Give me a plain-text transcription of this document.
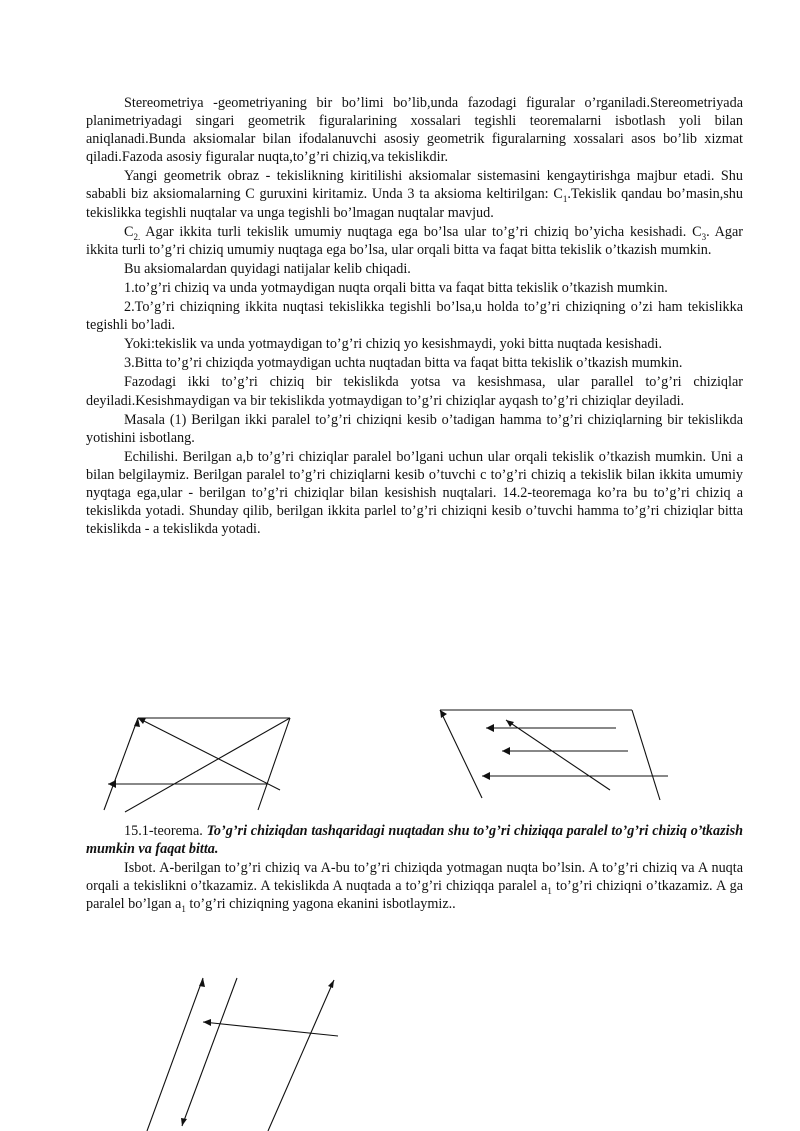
Stereometriya -geometriyaning bir bo’limi bo’lib,unda fazodagi figuralar o’rganiladi.Stereometriyada planimetriyadagi singari geometrik figuralarining xossalari tegishli teoremalarni isbotlash yoli bilan aniqlanadi.Bunda aksiomalar bilan ifodalanuvchi asosiy geometrik figuralarning xossalari asos bo’lib xizmat qiladi.Fazoda asosiy figuralar nuqta,to’g’ri chiziq,va tekislikdir.

Yangi geometrik obraz - tekislikning kiritilishi aksiomalar sistemasini kengaytirishga majbur etadi. Shu sababli biz aksiomalarning C guruxini kiritamiz. Unda 3 ta aksioma keltirilgan: $C_1.Tekislik$ qandau bo’masin,shu tekislikka tegishli nuqtalar va unga tegishli bo’lmagan nuqtalar mavjud.

$C_{2.}$ Agar ikkita turli tekislik umumiy nuqtaga ega bo’lsa ular to’g’ri chiziq bo’yicha kesishadi. $C_3$. Agar ikkita turli to’g’ri chiziq umumiy nuqtaga ega bo’lsa, ular orqali bitta va faqat bitta tekislik o’tkazish mumkin.

Bu aksiomalardan quyidagi natijalar kelib chiqadi.

1.to’g’ri chiziq va unda yotmaydigan nuqta orqali bitta va faqat bitta tekislik o’tkazish mumkin.

2.To’g’ri chiziqning ikkita nuqtasi tekislikka tegishli bo’lsa,u holda to’g’ri chiziqning o’zi ham tekislikka tegishli bo’ladi.

Yoki:tekislik va unda yotmaydigan to’g’ri chiziq yo kesishmaydi, yoki bitta nuqtada kesishadi.

3.Bitta to’g’ri chiziqda yotmaydigan uchta nuqtadan bitta va faqat bitta tekislik o’tkazish mumkin.

Fazodagi ikki to’g’ri chiziq bir tekislikda yotsa va kesishmasa, ular parallel to’g’ri chiziqlar deyiladi.Kesishmaydigan va bir tekislikda yotmaydigan to’g’ri chiziqlar ayqash to’g’ri chiziqlar deyiladi.

Masala (1) Berilgan ikki paralel to’g’ri chiziqni kesib o’tadigan hamma to’g’ri chiziqlarning bir tekislikda yotishini isbotlang.

Echilishi. Berilgan a,b to’g’ri chiziqlar paralel bo’lgani uchun ular orqali tekislik o’tkazish mumkin. Uni a bilan belgilaymiz. Berilgan paralel to’g’ri chiziqlarni kesib o’tuvchi c to’g’ri chiziq a tekislik bilan ikkita umumiy nyqtaga ega,ular - berilgan to’g’ri chiziqlar bilan kesishish nuqtalari. 14.2-teoremaga ko’ra bu to’g’ri chiziq a tekislikda yotadi. Shunday qilib, berilgan ikkita parlel to’g’ri chiziqni kesib o’tuvchi hamma to’g’ri chiziqlar bitta tekislikda - a tekislikda yotadi.

15.1-teorema. To’g’ri chiziqdan tashqaridagi nuqtadan shu to’g’ri chiziqqa paralel to’g’ri chiziq o’tkazish mumkin va faqat bitta.

Isbot. A-berilgan to’g’ri chiziq va A-bu to’g’ri chiziqda yotmagan nuqta bo’lsin. A to’g’ri chiziq va A nuqta orqali a tekislikni o’tkazamiz. A tekislikda A nuqtada a to’g’ri chiziqqa paralel $a_1$ to’g’ri chiziqni o’tkazamiz. A ga paralel bo’lgan $a_1$ to’g’ri chiziqning yagona ekanini isbotlaymiz..
